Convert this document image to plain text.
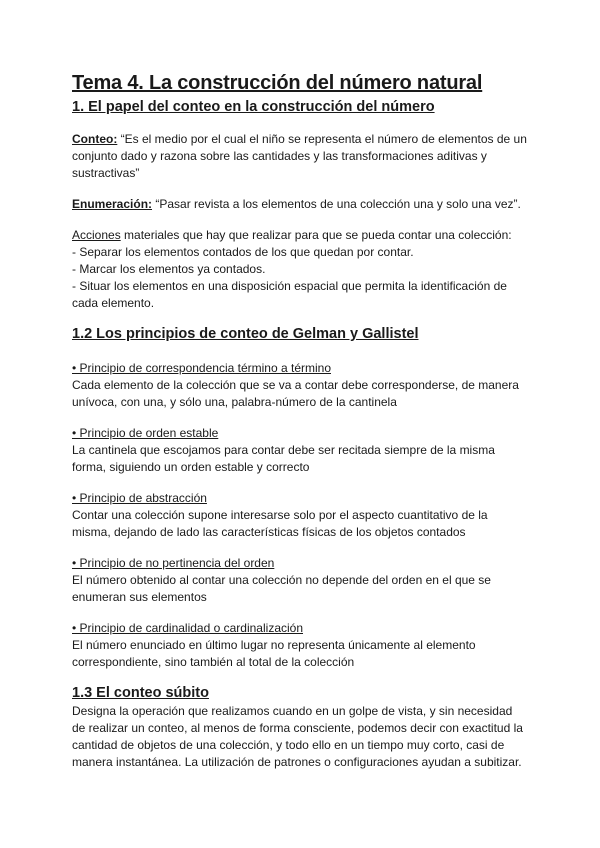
Tema 4. La construcción del número natural
1. El papel del conteo en la construcción del número

Conteo: “Es el medio por el cual el niño se representa el número de elementos de un conjunto dado y razona sobre las cantidades y las transformaciones aditivas y sustractivas”

Enumeración: “Pasar revista a los elementos de una colección una y solo una vez”.

Acciones materiales que hay que realizar para que se pueda contar una colección:

- Separar los elementos contados de los que quedan por contar.

- Marcar los elementos ya contados.

- Situar los elementos en una disposición espacial que permita la identificación de cada elemento.

1.2 Los principios de conteo de Gelman y Gallistel

• Principio de correspondencia término a término

Cada elemento de la colección que se va a contar debe corresponderse, de manera unívoca, con una, y sólo una, palabra-número de la cantinela

• Principio de orden estable

La cantinela que escojamos para contar debe ser recitada siempre de la misma forma, siguiendo un orden estable y correcto

• Principio de abstracción

Contar una colección supone interesarse solo por el aspecto cuantitativo de la misma, dejando de lado las características físicas de los objetos contados

• Principio de no pertinencia del orden

El número obtenido al contar una colección no depende del orden en el que se enumeran sus elementos

• Principio de cardinalidad o cardinalización

El número enunciado en último lugar no representa únicamente al elemento correspondiente, sino también al total de la colección

1.3 El conteo súbito

Designa la operación que realizamos cuando en un golpe de vista, y sin necesidad de realizar un conteo, al menos de forma consciente, podemos decir con exactitud la cantidad de objetos de una colección, y todo ello en un tiempo muy corto, casi de manera instantánea. La utilización de patrones o configuraciones ayudan a subitizar.
